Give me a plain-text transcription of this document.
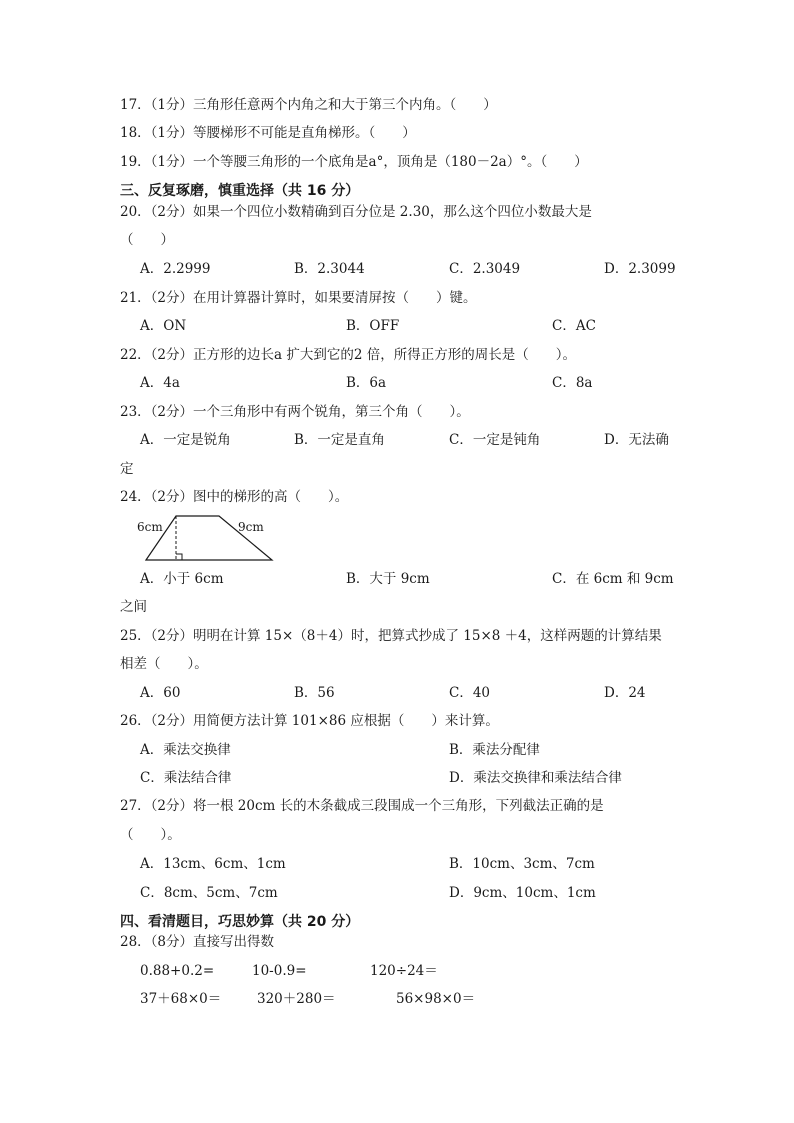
17．（1分）三角形任意两个内角之和大于第三个内角。（　　）
18．（1分）等腰梯形不可能是直角梯形。（　　）
19．（1分）一个等腰三角形的一个底角是a°，顶角是（180－2a）°。（　　）
三、反复琢磨，慎重选择（共 16 分）
20．（2分）如果一个四位小数精确到百分位是 2.30，那么这个四位小数最大是
（　　）
A．2.2999	B．2.3044	C．2.3049	D．2.3099
21．（2分）在用计算器计算时，如果要清屏按（　　）键。
A．ON	B．OFF	C．AC
22．（2分）正方形的边长a 扩大到它的2 倍，所得正方形的周长是（　　）。
A．4a	B．6a	C．8a
23．（2分）一个三角形中有两个锐角，第三个角（　　）。
A．一定是锐角	B．一定是直角	C．一定是钝角	D．无法确
定
24．（2分）图中的梯形的高（　　）。
6cm	9cm
A．小于 6cm	B．大于 9cm	C．在 6cm 和 9cm
之间
25．（2分）明明在计算 15×（8＋4）时，把算式抄成了 15×8 ＋4，这样两题的计算结果
相差（　　）。
A．60	B．56	C．40	D．24
26．（2分）用简便方法计算 101×86 应根据（　　）来计算。
A．乘法交换律	B．乘法分配律
C．乘法结合律	D．乘法交换律和乘法结合律
27．（2分）将一根 20cm 长的木条截成三段围成一个三角形，下列截法正确的是
（　　）。
A．13cm、6cm、1cm	B．10cm、3cm、7cm
C．8cm、5cm、7cm	D．9cm、10cm、1cm
四、看清题目，巧思妙算（共 20 分）
28．（8分）直接写出得数
0.88+0.2=	10-0.9=	120÷24＝
37＋68×0＝	320＋280＝	56×98×0＝
